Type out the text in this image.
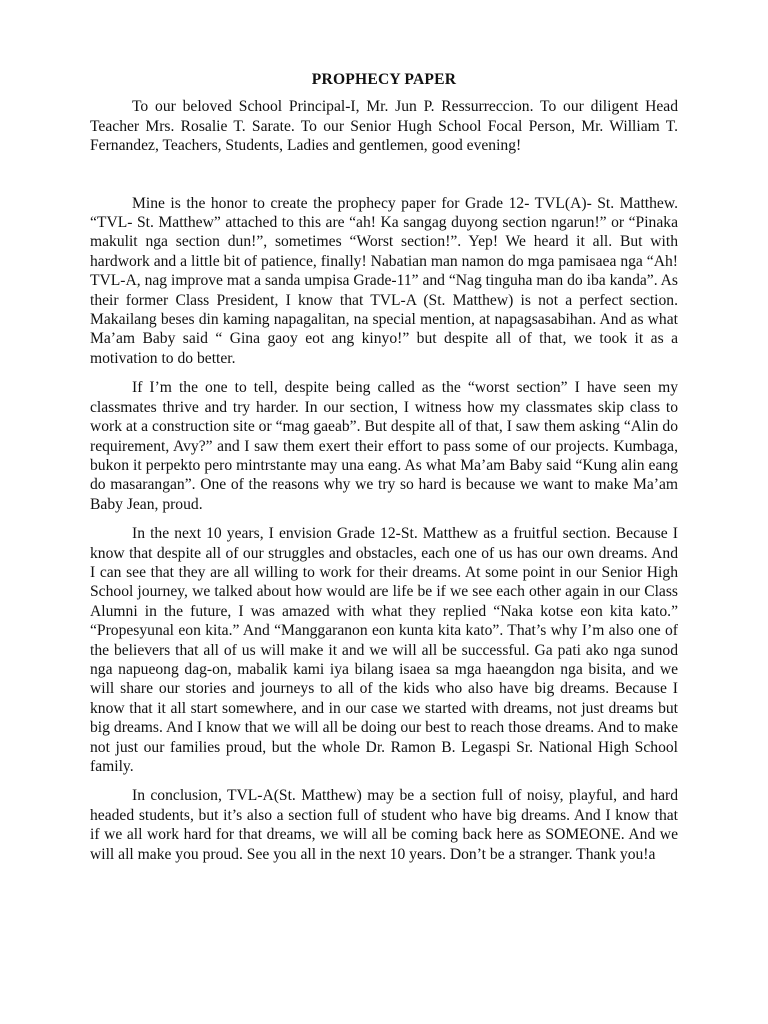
PROPHECY PAPER

To our beloved School Principal-I, Mr. Jun P. Ressurreccion. To our diligent Head Teacher Mrs. Rosalie T. Sarate. To our Senior Hugh School Focal Person, Mr. William T. Fernandez, Teachers, Students, Ladies and gentlemen, good evening!

Mine is the honor to create the prophecy paper for Grade 12- TVL(A)- St. Matthew. “TVL- St. Matthew” attached to this are “ah! Ka sangag duyong section ngarun!” or “Pinaka makulit nga section dun!”, sometimes “Worst section!”. Yep! We heard it all. But with hardwork and a little bit of patience, finally! Nabatian man namon do mga pamisaea nga “Ah! TVL-A, nag improve mat a sanda umpisa Grade-11” and “Nag tinguha man do iba kanda”. As their former Class President, I know that TVL-A (St. Matthew) is not a perfect section. Makailang beses din kaming napagalitan, na special mention, at napagsasabihan. And as what Ma’am Baby said “ Gina gaoy eot ang kinyo!” but despite all of that, we took it as a motivation to do better.

If I’m the one to tell, despite being called as the “worst section” I have seen my classmates thrive and try harder. In our section, I witness how my classmates skip class to work at a construction site or “mag gaeab”. But despite all of that, I saw them asking “Alin do requirement, Avy?” and I saw them exert their effort to pass some of our projects. Kumbaga, bukon it perpekto pero mintrstante may una eang. As what Ma’am Baby said “Kung alin eang do masarangan”. One of the reasons why we try so hard is because we want to make Ma’am Baby Jean, proud.

In the next 10 years, I envision Grade 12-St. Matthew as a fruitful section. Because I know that despite all of our struggles and obstacles, each one of us has our own dreams. And I can see that they are all willing to work for their dreams. At some point in our Senior High School journey, we talked about how would are life be if we see each other again in our Class Alumni in the future, I was amazed with what they replied “Naka kotse eon kita kato.” “Propesyunal eon kita.” And “Manggaranon eon kunta kita kato”. That’s why I’m also one of the believers that all of us will make it and we will all be successful. Ga pati ako nga sunod nga napueong dag-on, mabalik kami iya bilang isaea sa mga haeangdon nga bisita, and we will share our stories and journeys to all of the kids who also have big dreams. Because I know that it all start somewhere, and in our case we started with dreams, not just dreams but big dreams. And I know that we will all be doing our best to reach those dreams. And to make not just our families proud, but the whole Dr. Ramon B. Legaspi Sr. National High School family.

In conclusion, TVL-A(St. Matthew) may be a section full of noisy, playful, and hard headed students, but it’s also a section full of student who have big dreams. And I know that if we all work hard for that dreams, we will all be coming back here as SOMEONE. And we will all make you proud. See you all in the next 10 years. Don’t be a stranger. Thank you!a
